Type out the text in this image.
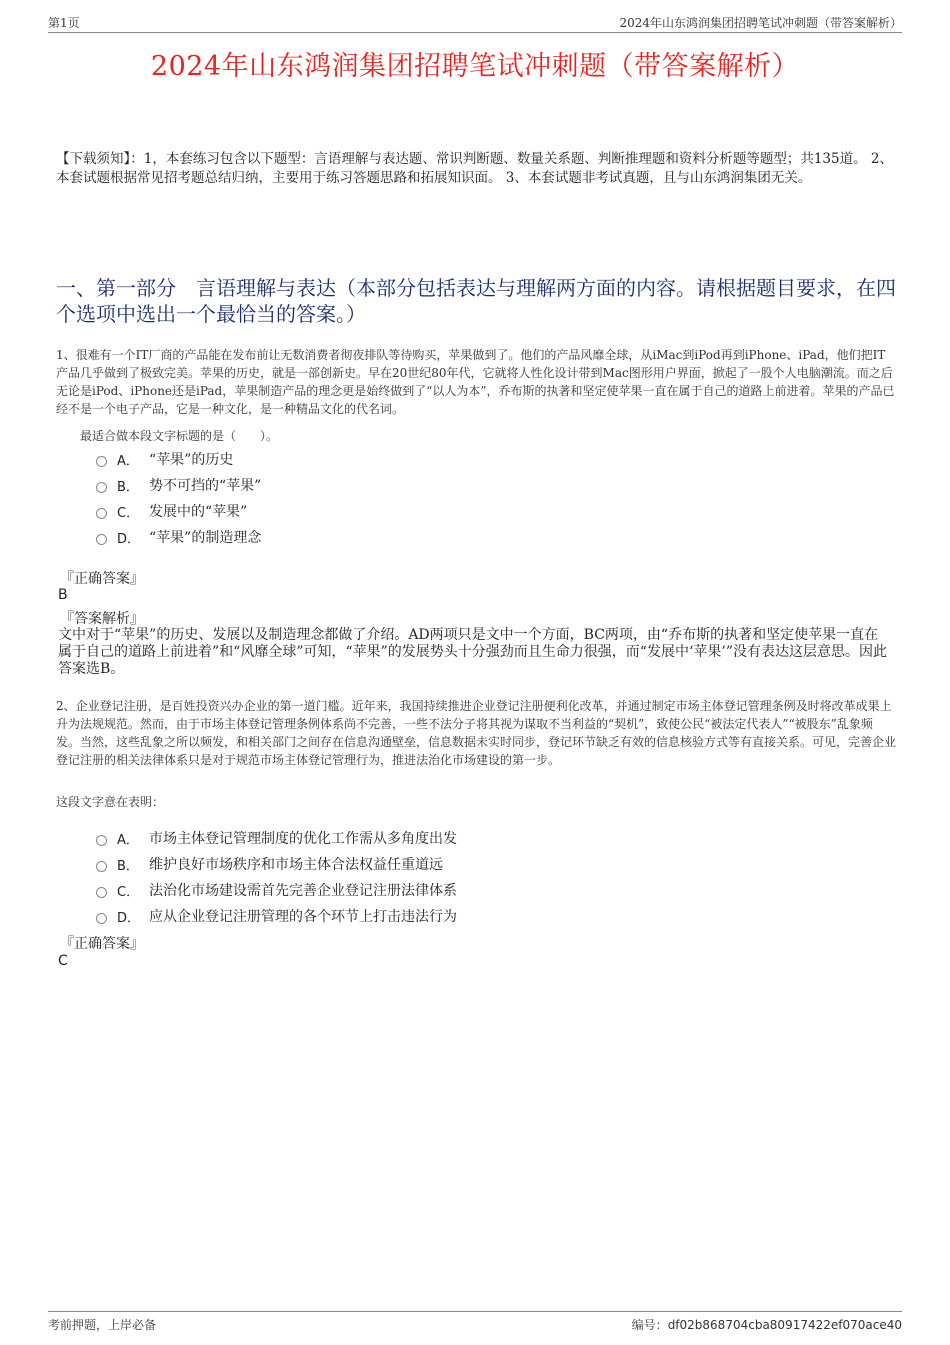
第1页	2024年山东鸿润集团招聘笔试冲刺题（带答案解析）
2024年山东鸿润集团招聘笔试冲刺题（带答案解析）
【下载须知】：1，本套练习包含以下题型：言语理解与表达题、常识判断题、数量关系题、判断推理题和资料分析题等题型；共135道。 2、本套试题根据常见招考题总结归纳，主要用于练习答题思路和拓展知识面。 3、本套试题非考试真题，且与山东鸿润集团无关。
一、第一部分　言语理解与表达（本部分包括表达与理解两方面的内容。请根据题目要求，在四个选项中选出一个最恰当的答案。）
1、很难有一个IT厂商的产品能在发布前让无数消费者彻夜排队等待购买，苹果做到了。他们的产品风靡全球，从iMac到iPod再到iPhone、iPad，他们把IT产品几乎做到了极致完美。苹果的历史，就是一部创新史。早在20世纪80年代，它就将人性化设计带到Mac图形用户界面，掀起了一股个人电脑潮流。而之后无论是iPod、iPhone还是iPad，苹果制造产品的理念更是始终做到了“以人为本”，乔布斯的执著和坚定使苹果一直在属于自己的道路上前进着。苹果的产品已经不是一个电子产品，它是一种文化，是一种精品文化的代名词。
最适合做本段文字标题的是（　　）。
A． “苹果”的历史
B． 势不可挡的“苹果”
C． 发展中的“苹果”
D． “苹果”的制造理念
『正确答案』
B
『答案解析』
文中对于“苹果”的历史、发展以及制造理念都做了介绍。AD两项只是文中一个方面，BC两项，由“乔布斯的执著和坚定使苹果一直在属于自己的道路上前进着”和“风靡全球”可知，“苹果”的发展势头十分强劲而且生命力很强，而“发展中‘苹果’”没有表达这层意思。因此答案选B。
2、企业登记注册，是百姓投资兴办企业的第一道门槛。近年来，我国持续推进企业登记注册便利化改革，并通过制定市场主体登记管理条例及时将改革成果上升为法规规范。然而，由于市场主体登记管理条例体系尚不完善，一些不法分子将其视为谋取不当利益的“契机”，致使公民“被法定代表人”“被股东”乱象频发。当然，这些乱象之所以频发，和相关部门之间存在信息沟通壁垒，信息数据未实时同步，登记环节缺乏有效的信息核验方式等有直接关系。可见，完善企业登记注册的相关法律体系只是对于规范市场主体登记管理行为，推进法治化市场建设的第一步。
这段文字意在表明：
A． 市场主体登记管理制度的优化工作需从多角度出发
B． 维护良好市场秩序和市场主体合法权益任重道远
C． 法治化市场建设需首先完善企业登记注册法律体系
D． 应从企业登记注册管理的各个环节上打击违法行为
『正确答案』
C
考前押题，上岸必备	编号：df02b868704cba80917422ef070ace40
